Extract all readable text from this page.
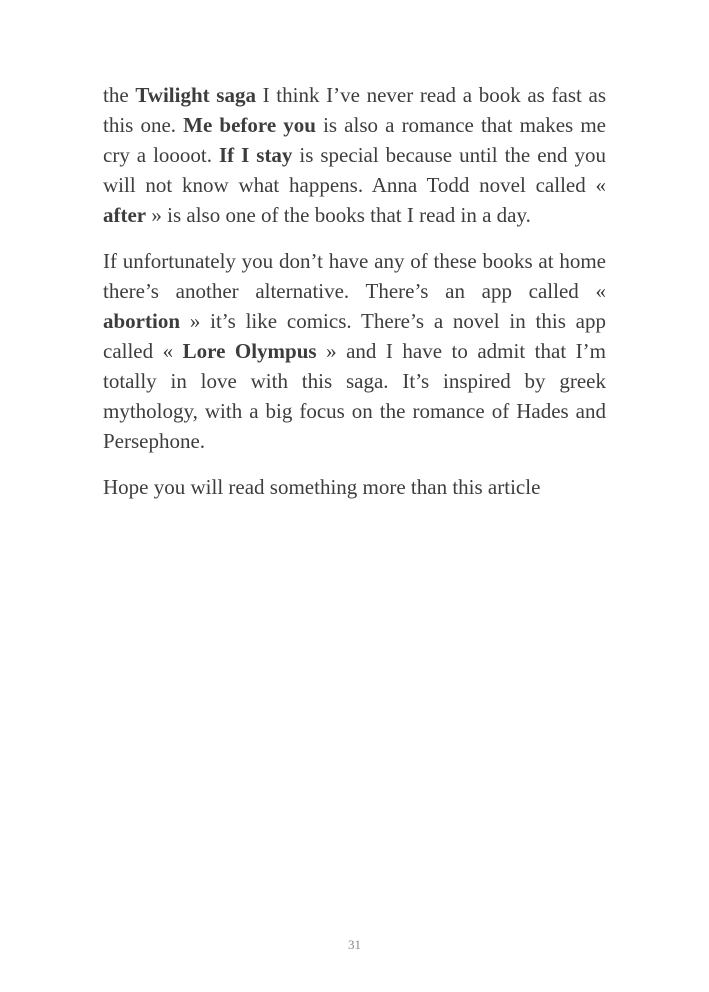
the Twilight saga I think I’ve never read a book as fast as this one. Me before you is also a romance that makes me cry a loooot. If I stay is special because until the end you will not know what happens. Anna Todd novel called « after » is also one of the books that I read in a day.

If unfortunately you don’t have any of these books at home there’s another alternative. There’s an app called « abortion » it’s like comics. There’s a novel in this app called « Lore Olympus » and I have to admit that I’m totally in love with this saga. It’s inspired by greek mythology, with a big focus on the romance of Hades and Persephone.

Hope you will read something more than this article

31
